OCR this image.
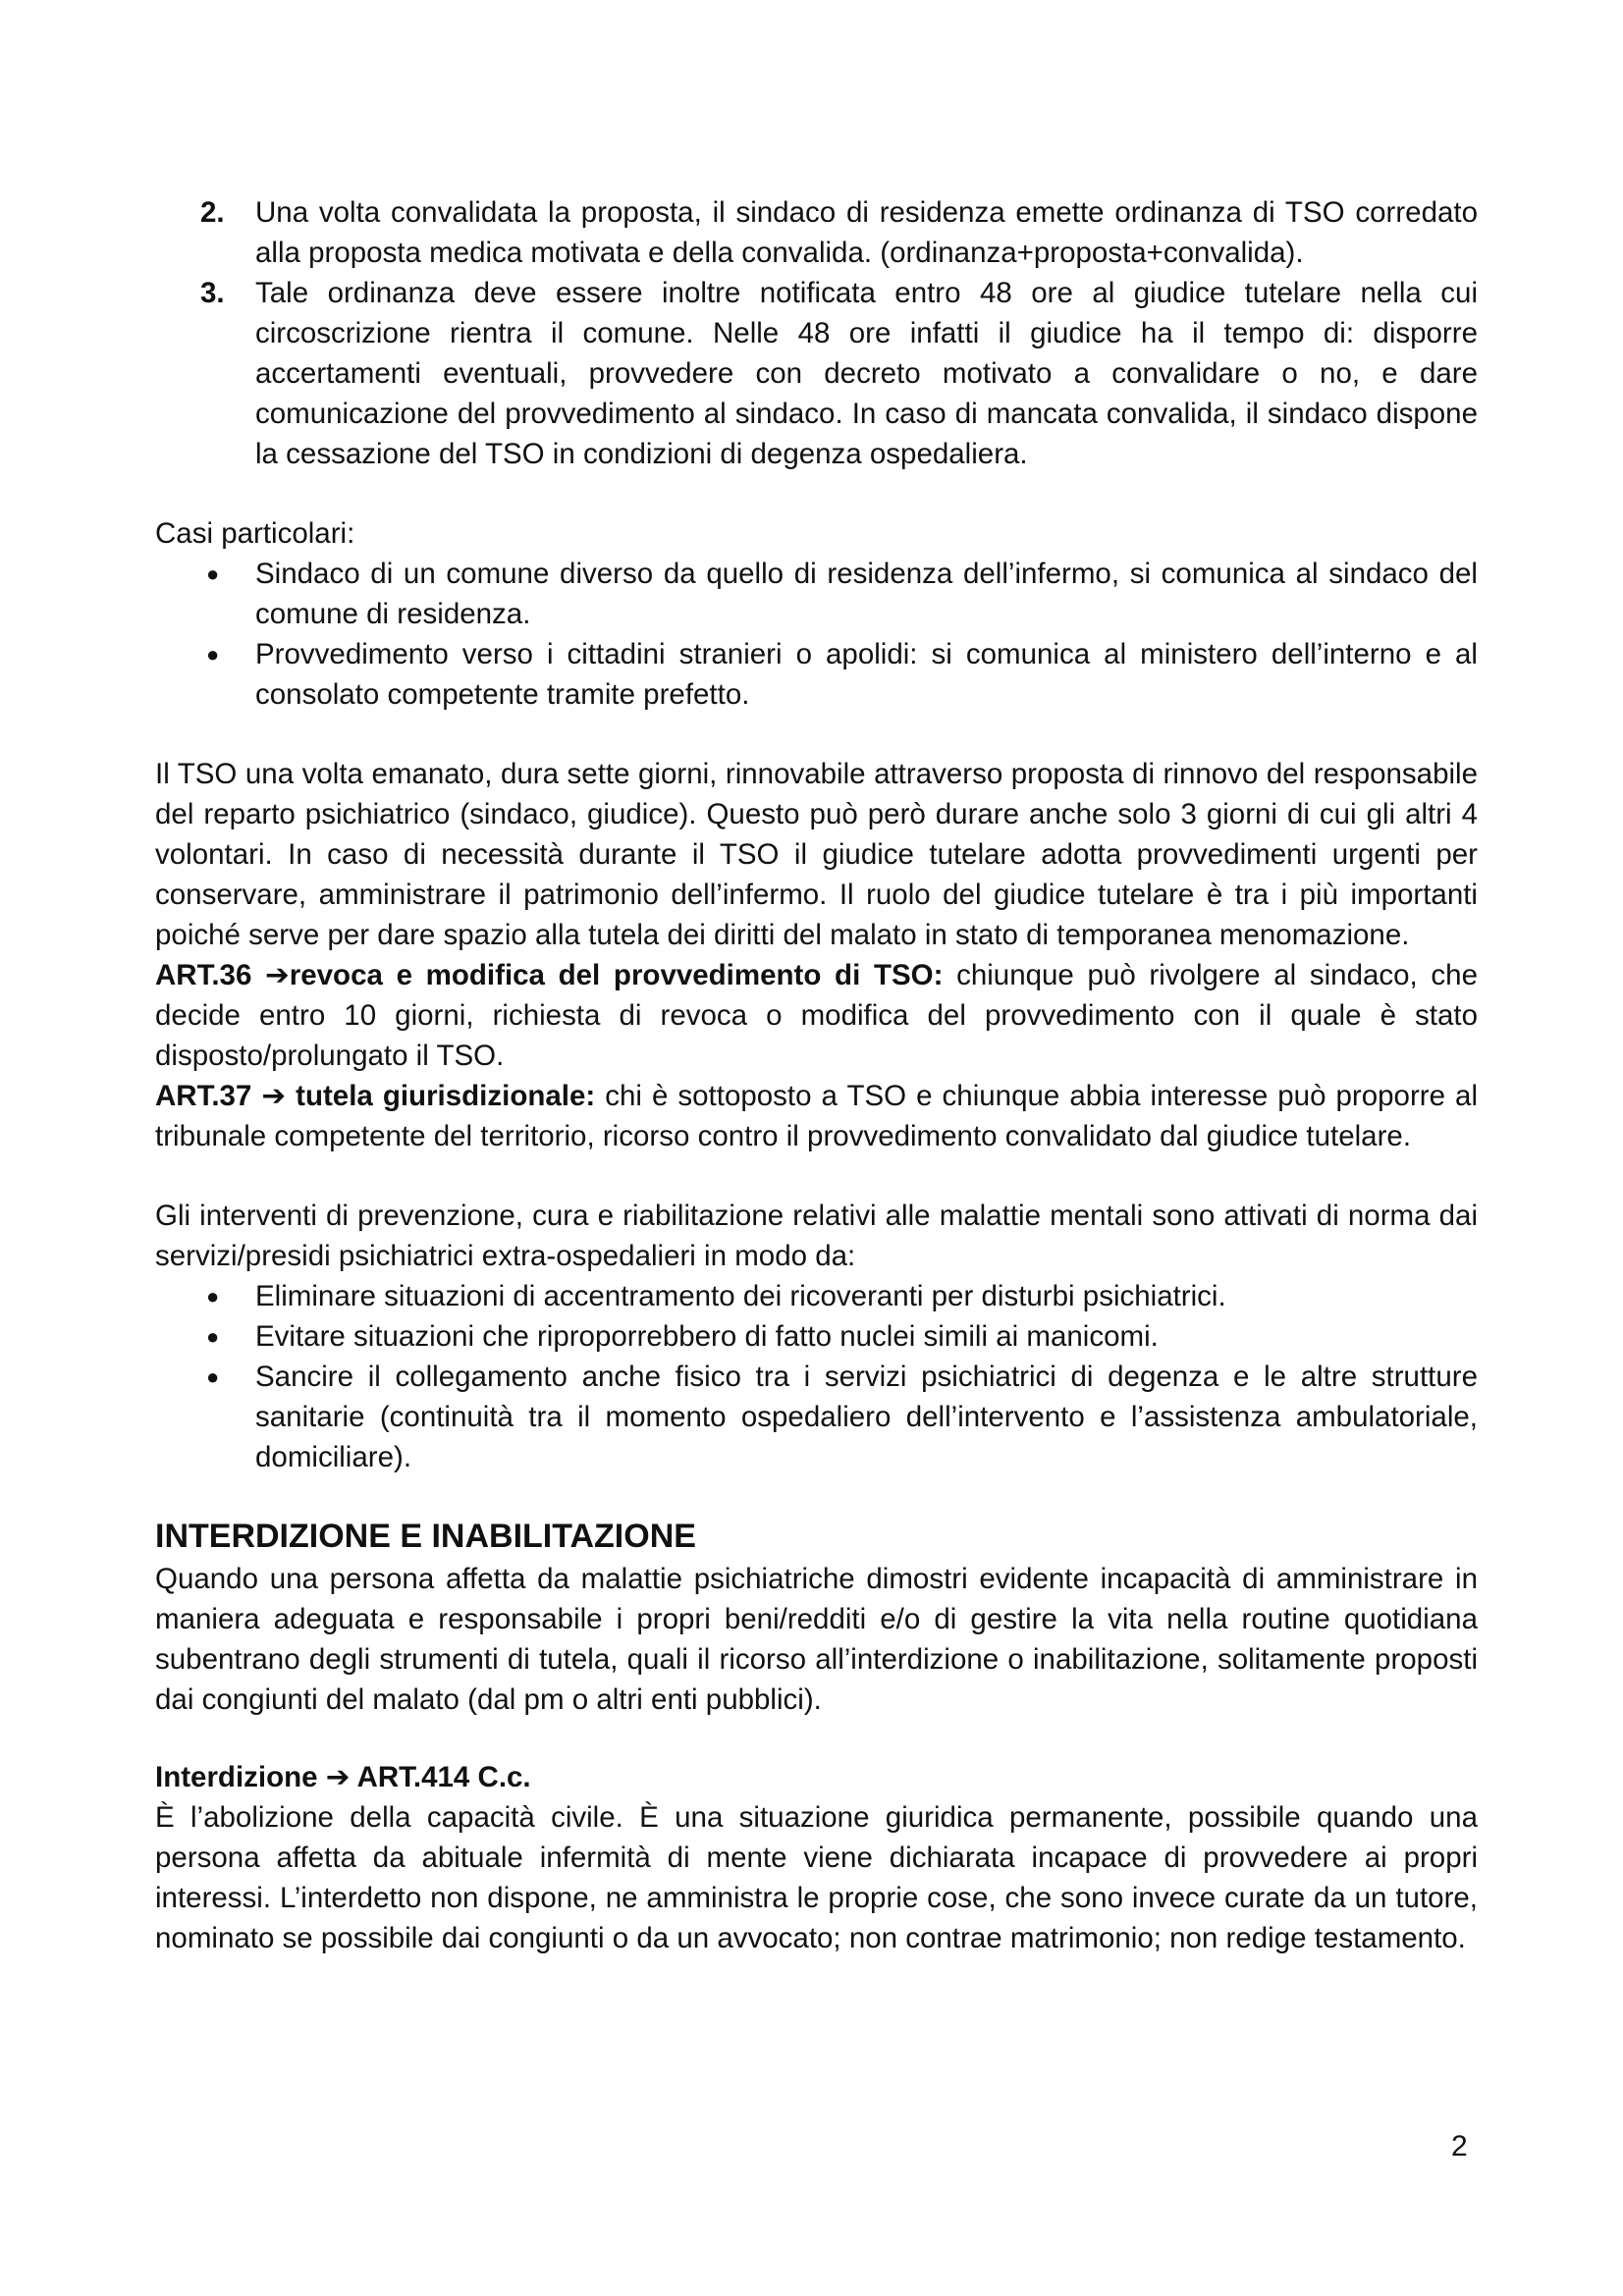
2. Una volta convalidata la proposta, il sindaco di residenza emette ordinanza di TSO corredato alla proposta medica motivata e della convalida. (ordinanza+proposta+convalida).
3. Tale ordinanza deve essere inoltre notificata entro 48 ore al giudice tutelare nella cui circoscrizione rientra il comune. Nelle 48 ore infatti il giudice ha il tempo di: disporre accertamenti eventuali, provvedere con decreto motivato a convalidare o no, e dare comunicazione del provvedimento al sindaco. In caso di mancata convalida, il sindaco dispone la cessazione del TSO in condizioni di degenza ospedaliera.

Casi particolari:

● Sindaco di un comune diverso da quello di residenza dell’infermo, si comunica al sindaco del comune di residenza.
● Provvedimento verso i cittadini stranieri o apolidi: si comunica al ministero dell’interno e al consolato competente tramite prefetto.

Il TSO una volta emanato, dura sette giorni, rinnovabile attraverso proposta di rinnovo del responsabile del reparto psichiatrico (sindaco, giudice). Questo può però durare anche solo 3 giorni di cui gli altri 4 volontari. In caso di necessità durante il TSO il giudice tutelare adotta provvedimenti urgenti per conservare, amministrare il patrimonio dell’infermo. Il ruolo del giudice tutelare è tra i più importanti poiché serve per dare spazio alla tutela dei diritti del malato in stato di temporanea menomazione.

ART.36 ➔revoca e modifica del provvedimento di TSO: chiunque può rivolgere al sindaco, che decide entro 10 giorni, richiesta di revoca o modifica del provvedimento con il quale è stato disposto/prolungato il TSO.

ART.37 ➔ tutela giurisdizionale: chi è sottoposto a TSO e chiunque abbia interesse può proporre al tribunale competente del territorio, ricorso contro il provvedimento convalidato dal giudice tutelare.

Gli interventi di prevenzione, cura e riabilitazione relativi alle malattie mentali sono attivati di norma dai servizi/presidi psichiatrici extra-ospedalieri in modo da:

● Eliminare situazioni di accentramento dei ricoveranti per disturbi psichiatrici.
● Evitare situazioni che riproporrebbero di fatto nuclei simili ai manicomi.
● Sancire il collegamento anche fisico tra i servizi psichiatrici di degenza e le altre strutture sanitarie (continuità tra il momento ospedaliero dell’intervento e l’assistenza ambulatoriale, domiciliare).
INTERDIZIONE E INABILITAZIONE

Quando una persona affetta da malattie psichiatriche dimostri evidente incapacità di amministrare in maniera adeguata e responsabile i propri beni/redditi e/o di gestire la vita nella routine quotidiana subentrano degli strumenti di tutela, quali il ricorso all’interdizione o inabilitazione, solitamente proposti dai congiunti del malato (dal pm o altri enti pubblici).

Interdizione ➔ ART.414 C.c.

È l’abolizione della capacità civile. È una situazione giuridica permanente, possibile quando una persona affetta da abituale infermità di mente viene dichiarata incapace di provvedere ai propri interessi. L’interdetto non dispone, ne amministra le proprie cose, che sono invece curate da un tutore, nominato se possibile dai congiunti o da un avvocato; non contrae matrimonio; non redige testamento.

2
